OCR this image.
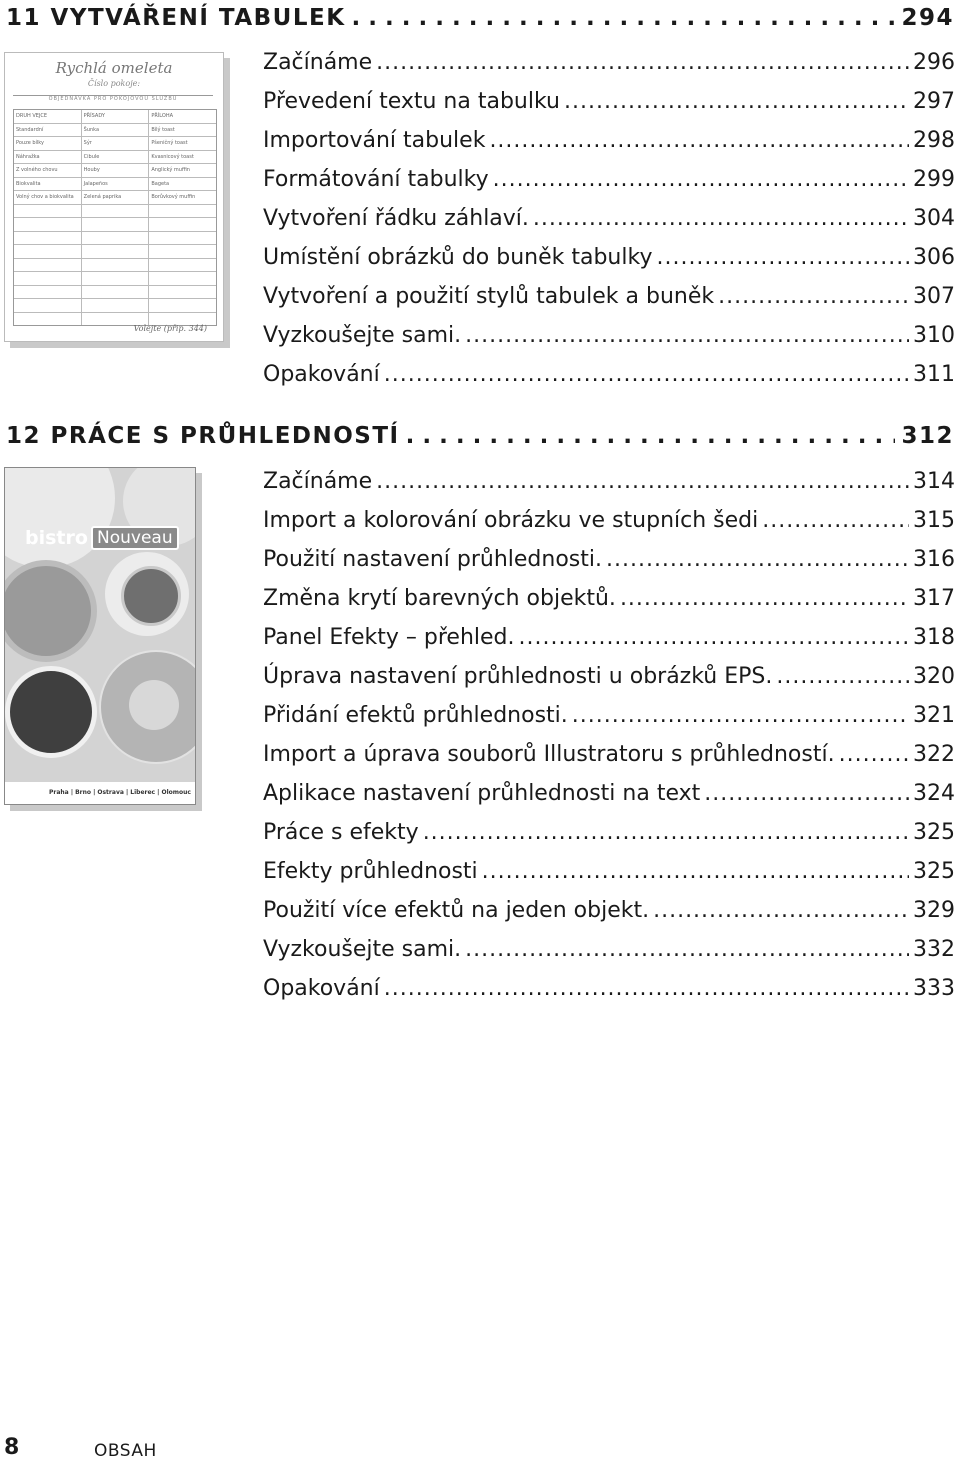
11 VYTVÁŘENÍ TABULEK . . .	294
Začínáme .....	296
Převedení textu na tabulku .....	297
Importování tabulek .....	298
Formátování tabulky .....	299
Vytvoření řádku záhlaví. .....	304
Umístění obrázků do buněk tabulky .....	306
Vytvoření a použití stylů tabulek a buněk .....	307
Vyzkoušejte sami. .....	310
Opakování .....	311
Rychlá omeleta
Číslo pokoje:
OBJEDNÁVKA PRO POKOJOVOU SLUŽBU
DRUH VEJCE	PŘÍSADY	PŘÍLOHA
Standardní	Šunka	Bílý toast
Pouze bílky	Sýr	Pšeničný toast
Náhražka	Cibule	Kvasnicový toast
Z volného chovu	Houby	Anglický muffin
Biokvalita	Jalapeños	Bageta
Volný chov a biokvalita	Zelená paprika	Borůvkový muffin
Volejte (přip. 344)
12 PRÁCE S PRŮHLEDNOSTÍ . . .	312
Začínáme .....	314
Import a kolorování obrázku ve stupních šedi .....	315
Použití nastavení průhlednosti. .....	316
Změna krytí barevných objektů. .....	317
Panel Efekty – přehled. .....	318
Úprava nastavení průhlednosti u obrázků EPS. .....	320
Přidání efektů průhlednosti. .....	321
Import a úprava souborů Illustratoru s průhledností. .....	322
Aplikace nastavení průhlednosti na text .....	324
Práce s efekty .....	325
Efekty průhlednosti .....	325
Použití více efektů na jeden objekt. .....	329
Vyzkoušejte sami. .....	332
Opakování .....	333
bistro Nouveau
Praha | Brno | Ostrava | Liberec | Olomouc
8	OBSAH
